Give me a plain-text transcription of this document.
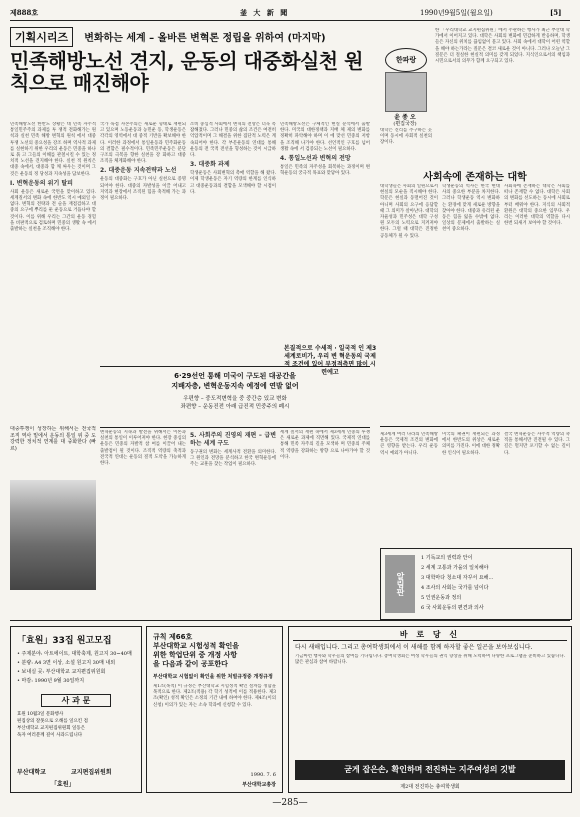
제888호	釜 大 新 聞	1990년9월5일(월요일)	[5]
기획시리즈 변화하는 세계 – 올바른 변혁론 정립을 위하여 (마지막)
민족해방노선 견지, 운동의 대중화실천 원칙으로 매진해야
민족해방노선 한반도 상황은 대 민족 자주적 통일민주주의 과제를 투 쟁적 전화해가는 원칙과 실천 민족 해방 변혁의 원칙 에서 대중투쟁 노선의 중요성을 강조 하며 역사적 과제를 실현하기 위한 우리의 운동은 민중을 하나로 묶 고 그들의 이해를 관철시킬 수 있는 정치적 노선을 견지해야 한다. 실천 적 원칙은 대중 속에서, 대중과 함 께 싸우는 것이며 그것은 운동의 정 당성과 지속성을 담보한다.
Ⅰ. 변혁운동의 위기 탈피
사회 운동은 새로운 국면을 맞이하고 있다. 세계질서의 변화 속에 한반도 역시 예외일 수 없다. 변혁의 전략과 전 술을 재점검하고 대중의 요구에 뿌리를 둔 운동으로 거듭나야 할 것이다. 이를 위해 우리는 그간의 운동 경험을 비판적으로 검토하며 민중의 생활 속 에서 출발하는 실천을 조직해야 한다.
국가 독점 자본주의는 새로운 형태로 재편되고 있으며 노동운동과 농민운 동, 학생운동은 각각의 영역에서 대 중적 기반을 확보해야 한다. 이러한 과정에서 통일운동과 민주화운동의 결합은 필수적이다. 민족민주운동은 분단 구조의 극복을 향한 실천을 강 화하고 대중 조직을 체계화해야 한다.
2. 대중운동 지속전략과 노선
운동의 대중화는 구호가 아닌 실천으로 증명되어야 한다. 대중의 자발성을 이끌 어내고 지역과 현장에서 조직된 힘을 축적해 가는 과정이 필요하다.
소비 중심적 사회에서 변혁의 전망은 더욱 복잡해졌다. 그러나 민중의 삶의 조건은 여전히 억압적이며 그 해결을 위한 집단적 노력은 계속되어야 한다. 각 부문운동의 연대를 통해 운동의 전 국적 전선을 형성하는 것이 시급하다.
3. 대중화 과제
학생운동은 사회변혁의 촉매 역할을 해 왔다. 이제 학생운동은 자기 역량의 한계를 인식하고 대중운동과의 결합을 모색해야 할 시점이다.
민족해방노선은 구체적인 현실 분석에서 출발한다. 미국의 대한정책과 지배 체 제의 변화를 정확히 파악해야 하며 이 에 맞선 민중의 저항을 조직해 나가야 한다. 선언적인 구호를 넘어 생활 속에 서 검증되는 노선이 필요하다.
4. 통일노선과 변혁의 전망
통일은 민족의 자주성을 회복하는 과정이며 변혁운동의 궁극적 목표와 맞닿아 있다.
6·29선언 통해 미국이 구도된 대공간을
지배자층, 변혁운동지속 예정에 연발 없어
우편향 – 중도적변혁을 중 중간층 있교 변화
좌편향 – 운동진전 아래 급진적 민중주의 폐시
변혁운동의 지속과 발전을 위해서는 이론과 실천의 통일이 이루어져야 한다. 현장 중심의 운동은 민중의 자발적 참 여를 이끌어 내는 출발점이 될 것이다. 조직적 역량의 축적과 전국적 연대는 운동의 질적 도약을 가능하게 한다.
5. 사회주의 진영의 재편 – 급변하는 세계 구도
동구권의 변화는 세계사적 전환을 의미한다. 그 원인과 전망을 분석하고 한국 변혁운동에 주는 교훈을 찾는 작업이 필요하다.
세계 질서의 재편 속에서 제3세계 민중의 투쟁은 새로운 과제에 직면해 있다. 국제적 연대를 통해 민족 자주의 길을 모색하 며 민중의 주체적 역량을 강화하는 방향 으로 나아가야 할 것이다.
대중투쟁이 성장하는 위해서는 전국적 조직 역사 밑에서 운동의 통일 위 중 도 강력한 정치적 연계를 대 중화한다 (빠르)
한파랑
윤 종 오
(편집국장)
한 「우리대학교 교지편집위원」에서 주관하는 행사가 최근 부산대 학가에서 이어지고 있다. 대학은 사회의 변화에 민감하게 반응하며, 학생들은 자신의 위치를 끊임없이 묻고 있다. 사회 속에서 대학이 어떤 역할을 해야 하는가라는 질문은 결코 새로운 것이 아니다. 그러나 오늘날 그 질문은 더 절실한 현실적 의미를 갖게 되었다. 지식인으로서의 책임과 시민으로서의 의무가 함께 요구되고 있다.
대학은 진리를 추구하는 곳이며 동시에 사회적 실천의 장이다.
사회속에 존재하는 대학
대학생들은 사회의 일원으로서 현실의 모순을 직시해야 한다. 학문은 현실과 동떨어진 것이 아니며 사회의 요구에 응답할 때 그 의미가 살아난다. 대학의 자율성과 민주성은 대학 구성원 모두의 노력으로 지켜져야 한다. 그럴 때 대학은 진정한 공동체가 될 수 있다.
학생운동의 역사는 한국 현대사의 중요한 부분을 차지한다. 그러나 학생운동 역시 변화하는 환경에 맞게 새로운 방향을 찾아야 한다. 대중과 유리된 운동은 힘을 잃을 수밖에 없다. 일상의 문제에서 출발하는 실천이 중요하다.
사회속에 존재하는 대학은 사회를 떠나 존재할 수 없다. 대학은 사회의 변화를 선도하는 동시에 사회로부터 배워야 한다. 지식의 사회적 환원은 대학의 중요한 임무다. 우리는 이러한 대학의 역할을 다시 한번 되새겨 보아야 할 것이다.
제3세계 여러 나라의 민족해방운동은 국제적 조건의 변화에 큰 영향을 받는다. 우리 운동 역시 예외가 아니다.
미국의 패권이 재편되는 과정에서 한반도의 위상은 새로운 의미를 가진다. 이에 대한 정확한 인식이 필요하다.
결국 변혁운동은 자주적 역량의 축적을 통해서만 진전될 수 있다. 그 길은 멀지만 포기할 수 없는 길이다.
본질적으로 수세적 · 일국적 인 제3세계로비가, 우리 변 혁운동의 국제적 조건에 있어 부정적측면 많이 시련에고
알림판
1 기독교의 권력과 안이
2 세계 고통과 가을의 일치해야
3 대학마다 청소대 자꾸서 요해...
4 조사의 사회는 국가를 넘이다
5 인권운동과 정의
6 국 사회운동의 편견과 의사
「효원」33집 원고모집
• 주제분야: 아트에이트, 대학축제, 원고지 30~40매
• 분량: A4 3면 이상, 소설 원고지 30매 내외
• 보내실 곳: 부산대학교 교지편집위원회
• 마감: 1990년 9월 30일까지
사 과 문
효원 10월3일 문화행사
편집상의 잘못으로 오해를 일으킨 점
부산대학교 교지편집위원회 일동은
독자 여러분께 깊이 사과드립니다
부산대학교	교지편집위원회
「효원」
규칙 제66호
부산대학교 시험성적 확인을
위한 학업단위 중 개정 사항
을 다음과 같이 공포한다
부산대학교 시험없이 확인을 위한 처벌규정중 개정규정
제1조(목적) 이 규정은 부산대학교 시험성적 확인 절차를 정함을 목적으로 한다. 제2조(적용) 각 학기 성적에 이를 적용한다. 제3조(확인) 성적 확인은 소정의 기간 내에 하여야 한다. 제4조(이의신청) 이의가 있는 자는 소속 학과에 신청할 수 있다.
1990. 7. 6
부산대학교총장
바 로 당 신
다시 새해입니다. 그리고 총여학생회에서 이 새해를 함께 하자할 좋은 일곤을 보아보십니다.
기금마련 행사와 학우들의 참여를 기다립니다. 총여학생회는 여성 학우들의 권익 향상을 위해 노력하며 다양한 프로그램을 준비하고 있습니다. 많은 관심과 참여 바랍니다.
굳게 잡은손, 확인하며 전진하는 지주여성의 깃발
제2대 전진하는 총여학생회
—285—
